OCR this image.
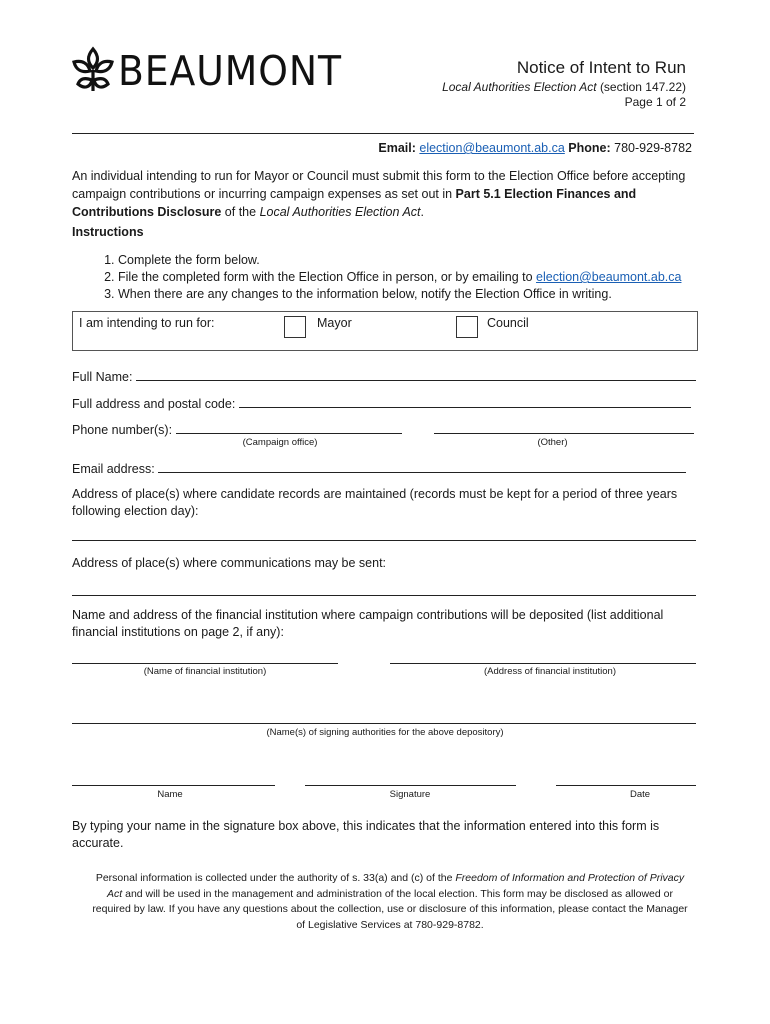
BEAUMONT	Notice of Intent to Run
Local Authorities Election Act (section 147.22)
Page 1 of 2
Email: election@beaumont.ab.ca Phone: 780-929-8782
An individual intending to run for Mayor or Council must submit this form to the Election Office before accepting campaign contributions or incurring campaign expenses as set out in Part 5.1 Election Finances and Contributions Disclosure of the Local Authorities Election Act.
Instructions
1. Complete the form below.
2. File the completed form with the Election Office in person, or by emailing to election@beaumont.ab.ca
3. When there are any changes to the information below, notify the Election Office in writing.
I am intending to run for:	Mayor	Council
Full Name:
Full address and postal code:
Phone number(s):
(Campaign office)	(Other)
Email address:
Address of place(s) where candidate records are maintained (records must be kept for a period of three years following election day):
Address of place(s) where communications may be sent:
Name and address of the financial institution where campaign contributions will be deposited (list additional financial institutions on page 2, if any):
(Name of financial institution)	(Address of financial institution)
(Name(s) of signing authorities for the above depository)
Name	Signature	Date
By typing your name in the signature box above, this indicates that the information entered into this form is accurate.
Personal information is collected under the authority of s. 33(a) and (c) of the Freedom of Information and Protection of Privacy Act and will be used in the management and administration of the local election. This form may be disclosed as allowed or required by law. If you have any questions about the collection, use or disclosure of this information, please contact the Manager of Legislative Services at 780-929-8782.
